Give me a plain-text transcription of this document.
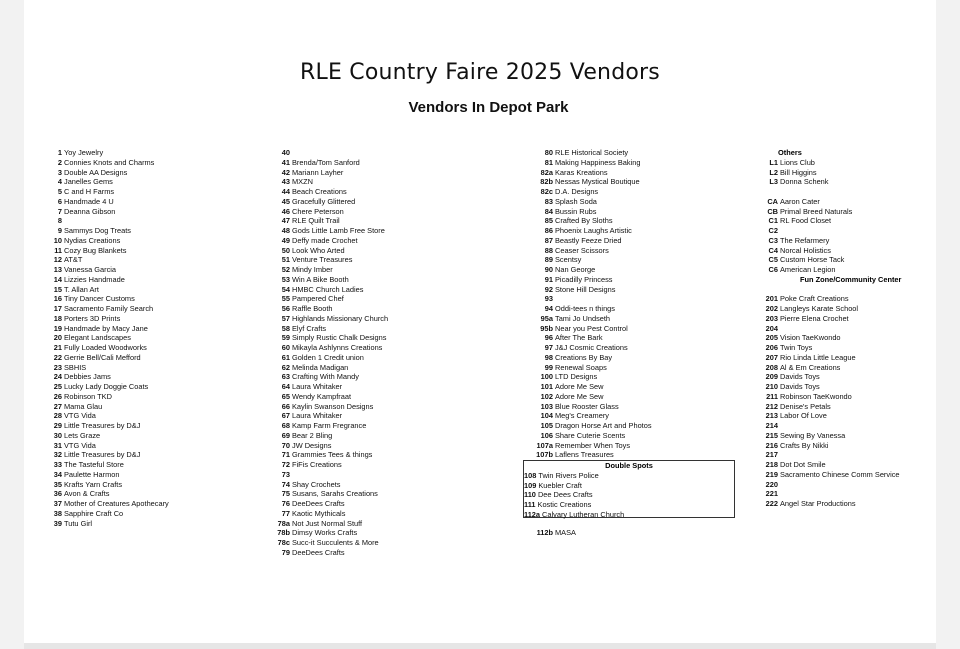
RLE Country Faire 2025 Vendors
Vendors In Depot Park
1 Yoy Jewelry
2 Connies Knots and Charms
3 Double AA Designs
4 Janelles Gems
5 C and H Farms
6 Handmade 4 U
7 Deanna Gibson
8
9 Sammys Dog Treats
10 Nydias Creations
11 Cozy Bug Blankets
12 AT&T
13 Vanessa Garcia
14 Lizzies Handmade
15 T. Allan Art
16 Tiny Dancer Customs
17 Sacramento Family Search
18 Porters 3D Prints
19 Handmade by Macy Jane
20 Elegant Landscapes
21 Fully Loaded Woodworks
22 Gerrie Bell/Cali Mefford
23 SBHIS
24 Debbies Jams
25 Lucky Lady Doggie Coats
26 Robinson TKD
27 Mama Glau
28 VTG Vida
29 Little Treasures by D&J
30 Lets Graze
31 VTG Vida
32 Little Treasures by D&J
33 The Tasteful Store
34 Paulette Harmon
35 Krafts Yarn Crafts
36 Avon & Crafts
37 Mother of Creatures Apothecary
38 Sapphire Craft Co
39 Tutu Girl
40
41 Brenda/Tom Sanford
42 Mariann Layher
43 MXZN
44 Beach Creations
45 Gracefully Glittered
46 Chere Peterson
47 RLE Quilt Trail
48 Gods Little Lamb Free Store
49 Deffy made Crochet
50 Look Who Arted
51 Venture Treasures
52 Mindy Imber
53 Win A Bike Booth
54 HMBC Church Ladies
55 Pampered Chef
56 Raffle Booth
57 Highlands Missionary Church
58 Elyf Crafts
59 Simply Rustic Chalk Designs
60 Mikayla Ashlynns Creations
61 Golden 1 Credit union
62 Melinda Madigan
63 Crafting With Mandy
64 Laura Whitaker
65 Wendy Kampfraat
66 Kaylin Swanson Designs
67 Laura Whitaker
68 Kamp Farm Fregrance
69 Bear 2 Bling
70 JW Designs
71 Grammies Tees & things
72 FiFis Creations
73
74 Shay Crochets
75 Susans, Sarahs Creations
76 DeeDees Crafts
77 Kaotic Mythicals
78a Not Just Normal Stuff
78b Dimsy Works Crafts
78c Succ-it Succulents & More
79 DeeDees Crafts
80 RLE Historical Society
81 Making Happiness Baking
82a Karas Kreations
82b Nessas Mystical Boutique
82c D.A. Designs
83 Splash Soda
84 Bussin Rubs
85 Crafted By Sloths
86 Phoenix Laughs Artistic
87 Beastly Feeze Dried
88 Ceaser Scissors
89 Scentsy
90 Nan George
91 Picadilly Princess
92 Stone Hill Designs
93
94 Oddi-tees n things
95a Tami Jo Undseth
95b Near you Pest Control
96 After The Bark
97 J&J Cosmic Creations
98 Creations By Bay
99 Renewal Soaps
100 LTD Designs
101 Adore Me Sew
102 Adore Me Sew
103 Blue Rooster Glass
104 Meg's Creamery
105 Dragon Horse Art and Photos
106 Share Cuterie Scents
107a Remember When Toys
107b Laflens Treasures
Double Spots
108 Twin Rivers Police
109 Kuebler Craft
110 Dee Dees Crafts
111 Kostic Creations
112a Calvary Lutheran Church
112b MASA
Others
L1 Lions Club
L2 Bill Higgins
L3 Donna Schenk
CA Aaron Cater
CB Primal Breed Naturals
C1 RL Food Closet
C2
C3 The Refarmery
C4 Norcal Holistics
C5 Custom Horse Tack
C6 American Legion
Fun Zone/Community Center
201 Poke Craft Creations
202 Langleys Karate School
203 Pierre Elena Crochet
204
205 Vision TaeKwondo
206 Twin Toys
207 Rio Linda Little League
208 Al & Em Creations
209 Davids Toys
210 Davids Toys
211 Robinson TaeKwondo
212 Denise's Petals
213 Labor Of Love
214
215 Sewing By Vanessa
216 Crafts By Nikki
217
218 Dot Dot Smile
219 Sacramento Chinese Comm Service
220
221
222 Angel Star Productions
